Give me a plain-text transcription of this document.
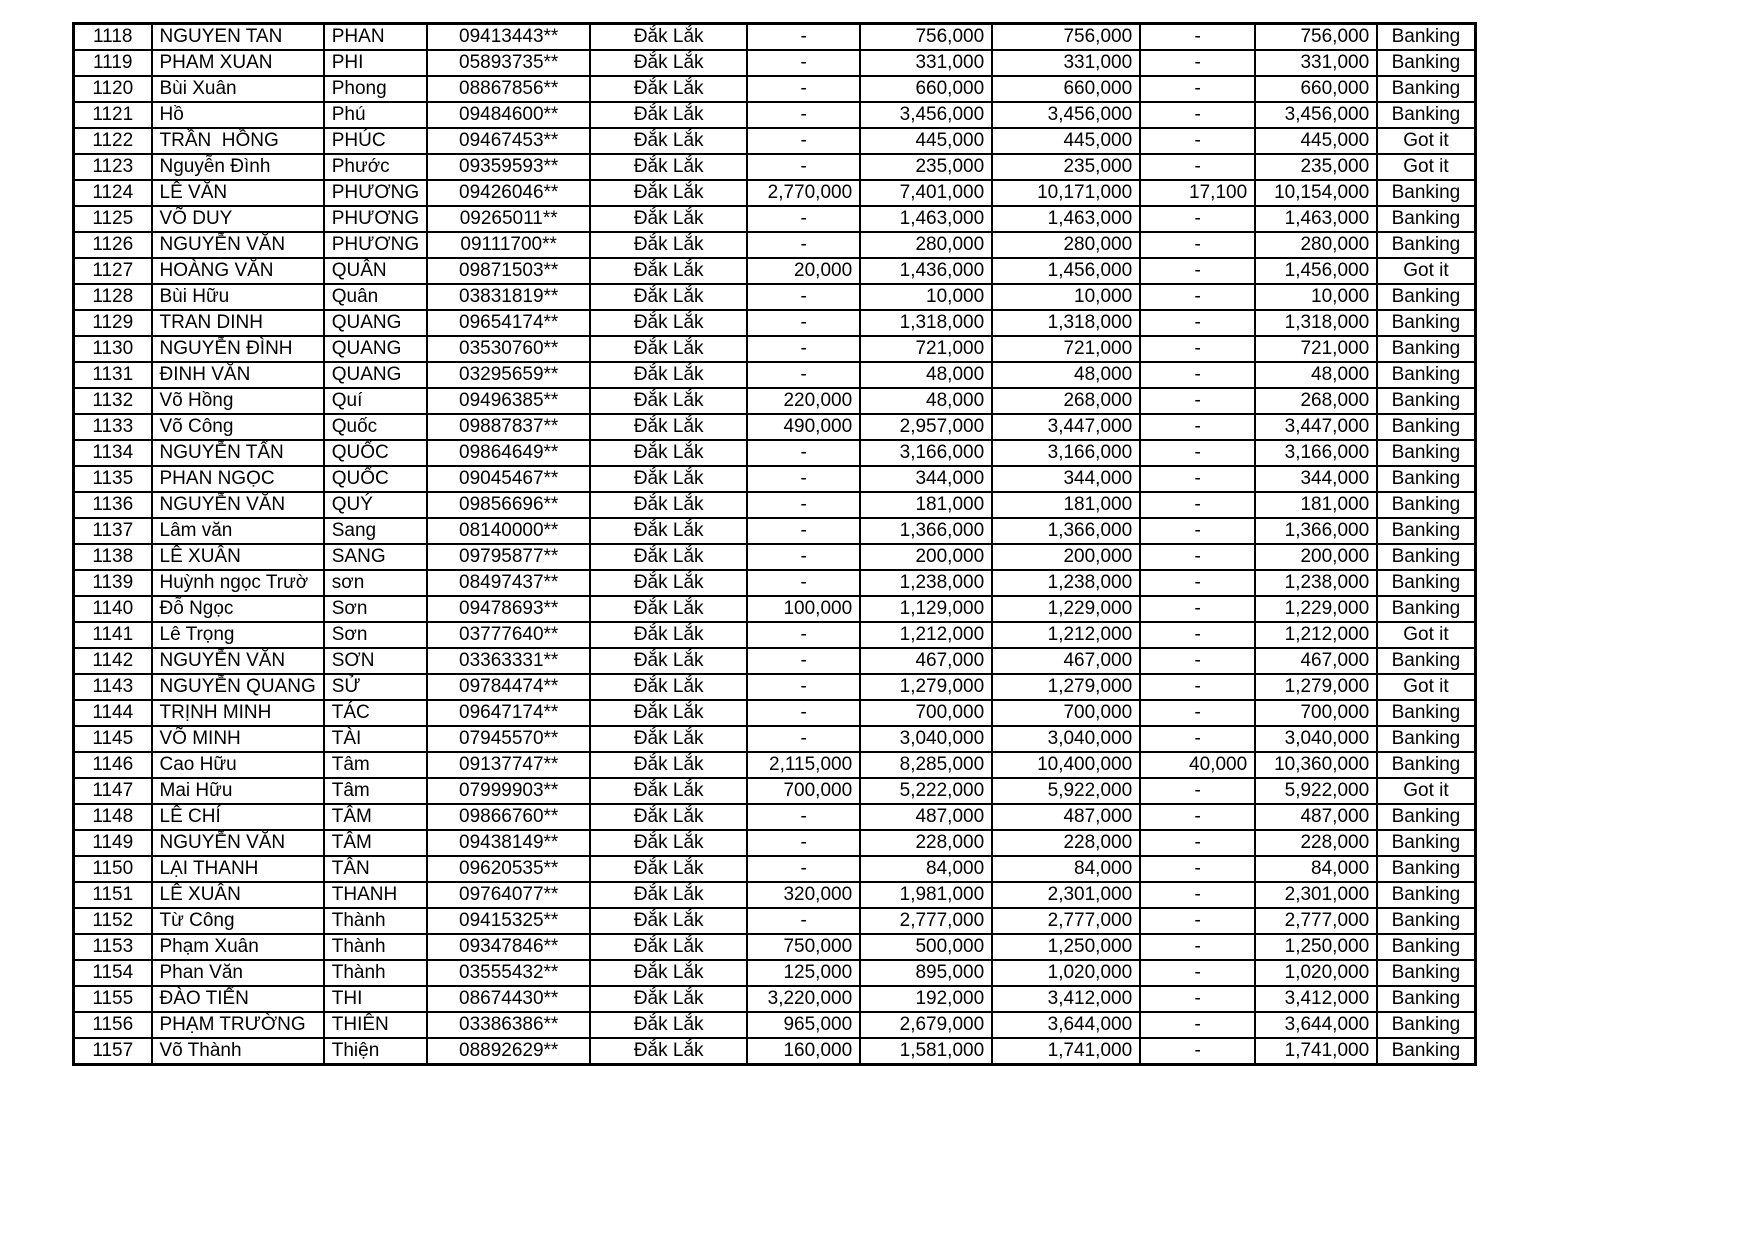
1118	NGUYEN TAN	PHAN	09413443**	Đắk Lắk	-	756,000	756,000	-	756,000	Banking
1119	PHAM XUAN	PHI	05893735**	Đắk Lắk	-	331,000	331,000	-	331,000	Banking
1120	Bùi Xuân	Phong	08867856**	Đắk Lắk	-	660,000	660,000	-	660,000	Banking
1121	Hồ	Phú	09484600**	Đắk Lắk	-	3,456,000	3,456,000	-	3,456,000	Banking
1122	TRẦN  HỒNG	PHÚC	09467453**	Đắk Lắk	-	445,000	445,000	-	445,000	Got it
1123	Nguyễn Đình	Phước	09359593**	Đắk Lắk	-	235,000	235,000	-	235,000	Got it
1124	LÊ VĂN	PHƯƠNG	09426046**	Đắk Lắk	2,770,000	7,401,000	10,171,000	17,100	10,154,000	Banking
1125	VÕ DUY	PHƯƠNG	09265011**	Đắk Lắk	-	1,463,000	1,463,000	-	1,463,000	Banking
1126	NGUYỄN VĂN	PHƯƠNG	09111700**	Đắk Lắk	-	280,000	280,000	-	280,000	Banking
1127	HOÀNG VĂN	QUÂN	09871503**	Đắk Lắk	20,000	1,436,000	1,456,000	-	1,456,000	Got it
1128	Bùi Hữu	Quân	03831819**	Đắk Lắk	-	10,000	10,000	-	10,000	Banking
1129	TRAN DINH	QUANG	09654174**	Đắk Lắk	-	1,318,000	1,318,000	-	1,318,000	Banking
1130	NGUYỄN ĐÌNH	QUANG	03530760**	Đắk Lắk	-	721,000	721,000	-	721,000	Banking
1131	ĐINH VĂN	QUANG	03295659**	Đắk Lắk	-	48,000	48,000	-	48,000	Banking
1132	Võ Hồng	Quí	09496385**	Đắk Lắk	220,000	48,000	268,000	-	268,000	Banking
1133	Võ Công	Quốc	09887837**	Đắk Lắk	490,000	2,957,000	3,447,000	-	3,447,000	Banking
1134	NGUYỄN TẤN	QUỐC	09864649**	Đắk Lắk	-	3,166,000	3,166,000	-	3,166,000	Banking
1135	PHAN NGỌC	QUỐC	09045467**	Đắk Lắk	-	344,000	344,000	-	344,000	Banking
1136	NGUYỄN VĂN	QUÝ	09856696**	Đắk Lắk	-	181,000	181,000	-	181,000	Banking
1137	Lâm văn	Sang	08140000**	Đắk Lắk	-	1,366,000	1,366,000	-	1,366,000	Banking
1138	LÊ XUÂN	SANG	09795877**	Đắk Lắk	-	200,000	200,000	-	200,000	Banking
1139	Huỳnh ngọc Trườ	sơn	08497437**	Đắk Lắk	-	1,238,000	1,238,000	-	1,238,000	Banking
1140	Đỗ Ngọc	Sơn	09478693**	Đắk Lắk	100,000	1,129,000	1,229,000	-	1,229,000	Banking
1141	Lê Trọng	Sơn	03777640**	Đắk Lắk	-	1,212,000	1,212,000	-	1,212,000	Got it
1142	NGUYỄN VĂN	SƠN	03363331**	Đắk Lắk	-	467,000	467,000	-	467,000	Banking
1143	NGUYỄN QUANG	SỬ	09784474**	Đắk Lắk	-	1,279,000	1,279,000	-	1,279,000	Got it
1144	TRỊNH MINH	TÁC	09647174**	Đắk Lắk	-	700,000	700,000	-	700,000	Banking
1145	VÕ MINH	TÀI	07945570**	Đắk Lắk	-	3,040,000	3,040,000	-	3,040,000	Banking
1146	Cao Hữu	Tâm	09137747**	Đắk Lắk	2,115,000	8,285,000	10,400,000	40,000	10,360,000	Banking
1147	Mai Hữu	Tâm	07999903**	Đắk Lắk	700,000	5,222,000	5,922,000	-	5,922,000	Got it
1148	LÊ CHÍ	TÂM	09866760**	Đắk Lắk	-	487,000	487,000	-	487,000	Banking
1149	NGUYỄN VĂN	TÂM	09438149**	Đắk Lắk	-	228,000	228,000	-	228,000	Banking
1150	LẠI THANH	TÂN	09620535**	Đắk Lắk	-	84,000	84,000	-	84,000	Banking
1151	LÊ XUÂN	THANH	09764077**	Đắk Lắk	320,000	1,981,000	2,301,000	-	2,301,000	Banking
1152	Từ Công	Thành	09415325**	Đắk Lắk	-	2,777,000	2,777,000	-	2,777,000	Banking
1153	Phạm Xuân	Thành	09347846**	Đắk Lắk	750,000	500,000	1,250,000	-	1,250,000	Banking
1154	Phan Văn	Thành	03555432**	Đắk Lắk	125,000	895,000	1,020,000	-	1,020,000	Banking
1155	ĐÀO TIẾN	THI	08674430**	Đắk Lắk	3,220,000	192,000	3,412,000	-	3,412,000	Banking
1156	PHẠM TRƯỜNG	THIÊN	03386386**	Đắk Lắk	965,000	2,679,000	3,644,000	-	3,644,000	Banking
1157	Võ Thành	Thiện	08892629**	Đắk Lắk	160,000	1,581,000	1,741,000	-	1,741,000	Banking
